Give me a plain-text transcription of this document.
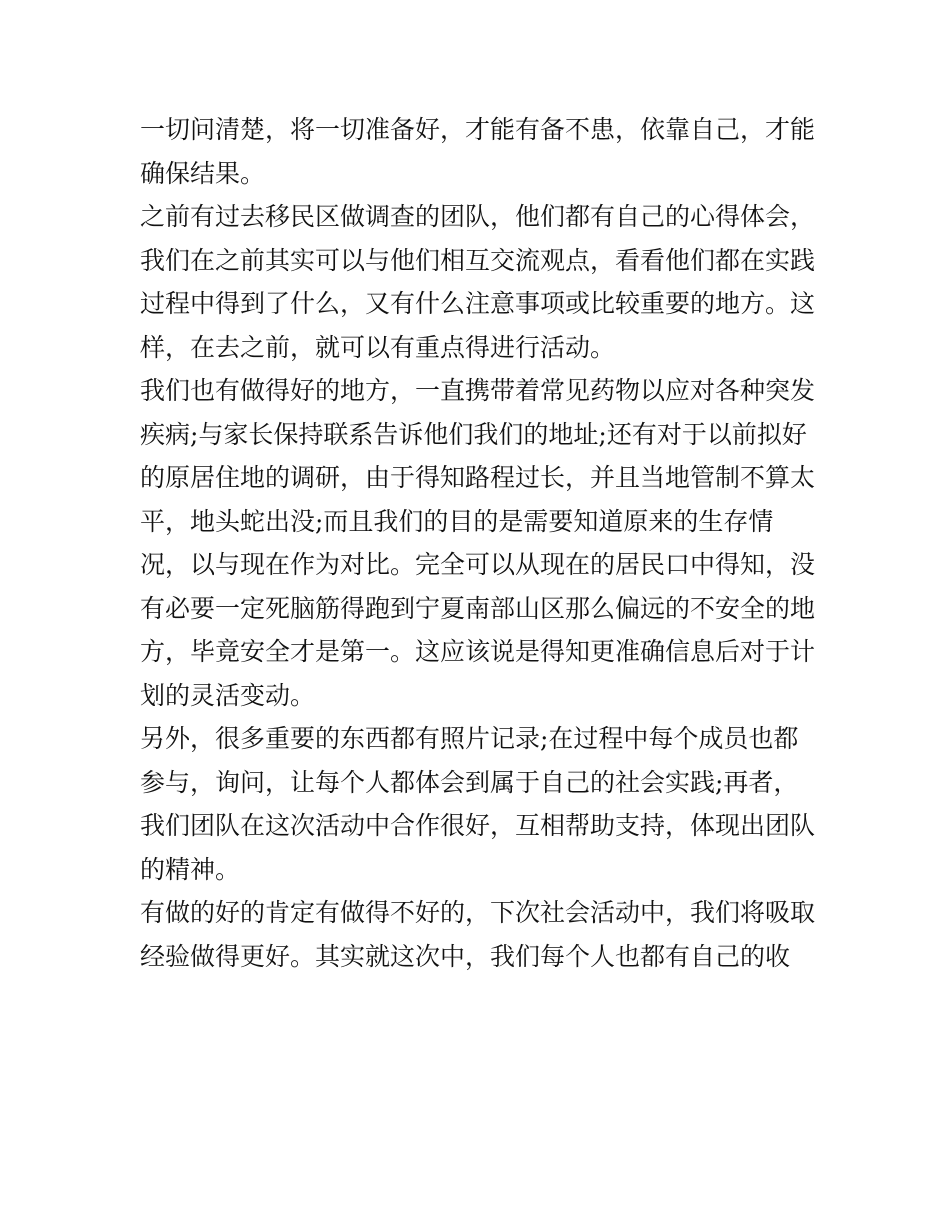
一切问清楚，将一切准备好，才能有备不患，依靠自己，才能
确保结果。
之前有过去移民区做调查的团队，他们都有自己的心得体会，
我们在之前其实可以与他们相互交流观点，看看他们都在实践
过程中得到了什么，又有什么注意事项或比较重要的地方。这
样，在去之前，就可以有重点得进行活动。
我们也有做得好的地方，一直携带着常见药物以应对各种突发
疾病;与家长保持联系告诉他们我们的地址;还有对于以前拟好
的原居住地的调研，由于得知路程过长，并且当地管制不算太
平，地头蛇出没;而且我们的目的是需要知道原来的生存情
况，以与现在作为对比。完全可以从现在的居民口中得知，没
有必要一定死脑筋得跑到宁夏南部山区那么偏远的不安全的地
方，毕竟安全才是第一。这应该说是得知更准确信息后对于计
划的灵活变动。
另外，很多重要的东西都有照片记录;在过程中每个成员也都
参与，询问，让每个人都体会到属于自己的社会实践;再者，
我们团队在这次活动中合作很好，互相帮助支持，体现出团队
的精神。
有做的好的肯定有做得不好的，下次社会活动中，我们将吸取
经验做得更好。其实就这次中，我们每个人也都有自己的收
